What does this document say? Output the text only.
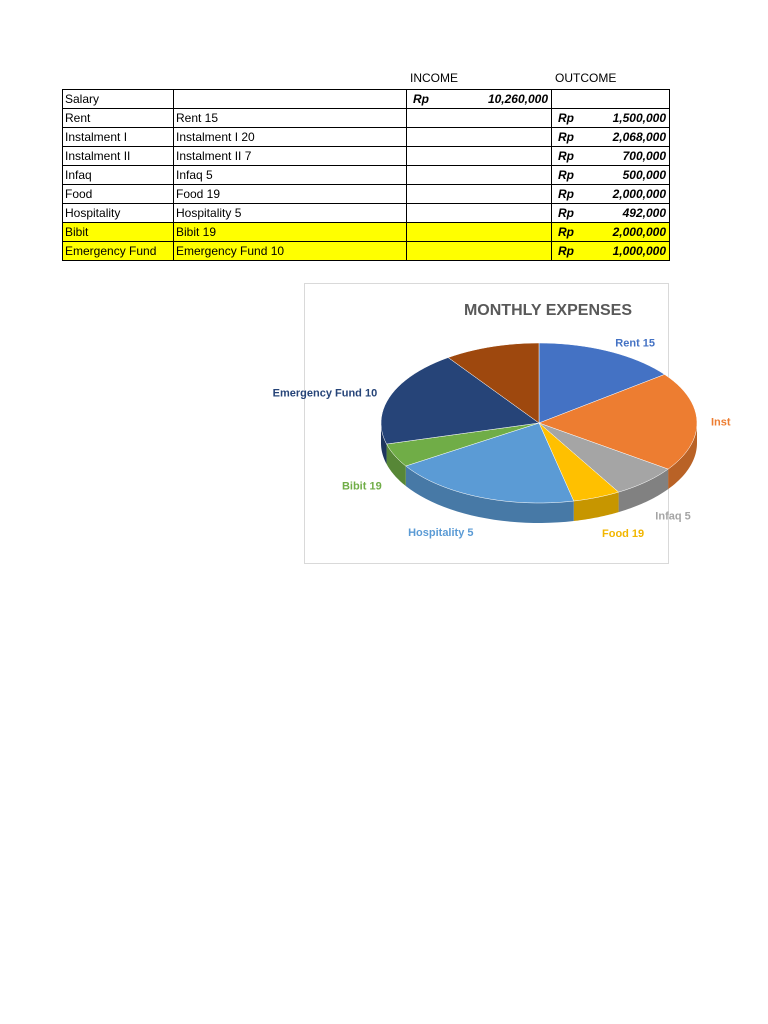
INCOME	OUTCOME
Salary		Rp 10,260,000	

Rent	Rent 15		Rp 1,500,000

Instalment I	Instalment I 20		Rp 2,068,000

Instalment II	Instalment II 7		Rp 700,000

Infaq	Infaq 5		Rp 500,000

Food	Food 19		Rp 2,000,000

Hospitality	Hospitality 5		Rp 492,000

Bibit	Bibit 19		Rp 2,000,000

Emergency Fund	Emergency Fund 10		Rp 1,000,000
MONTHLY EXPENSES
Rent 15
Inst
Infaq 5
Food 19
Hospitality 5
Bibit 19
Emergency Fund 10
